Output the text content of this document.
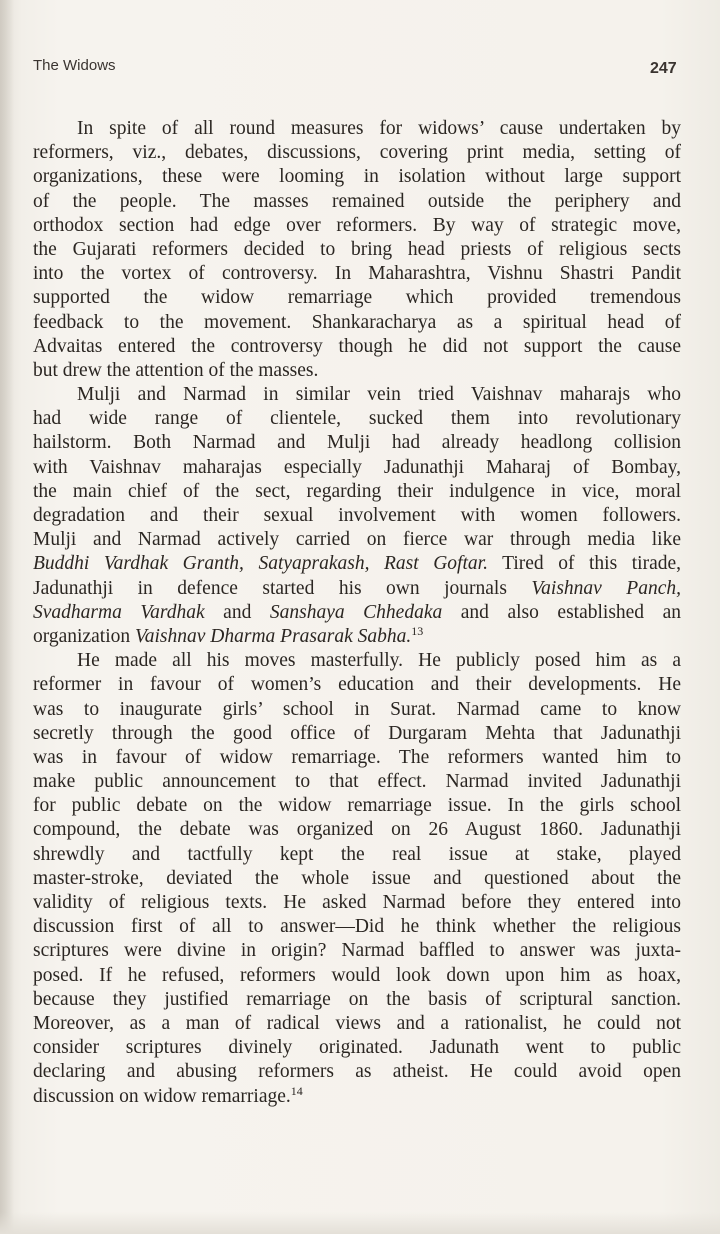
The Widows	247
In spite of all round measures for widows’ cause undertaken by
reformers, viz., debates, discussions, covering print media, setting of
organizations, these were looming in isolation without large support
of the people. The masses remained outside the periphery and
orthodox section had edge over reformers. By way of strategic move,
the Gujarati reformers decided to bring head priests of religious sects
into the vortex of controversy. In Maharashtra, Vishnu Shastri Pandit
supported the widow remarriage which provided tremendous
feedback to the movement. Shankaracharya as a spiritual head of
Advaitas entered the controversy though he did not support the cause
but drew the attention of the masses.
Mulji and Narmad in similar vein tried Vaishnav maharajs who
had wide range of clientele, sucked them into revolutionary
hailstorm. Both Narmad and Mulji had already headlong collision
with Vaishnav maharajas especially Jadunathji Maharaj of Bombay,
the main chief of the sect, regarding their indulgence in vice, moral
degradation and their sexual involvement with women followers.
Mulji and Narmad actively carried on fierce war through media like
Buddhi Vardhak Granth, Satyaprakash, Rast Goftar. Tired of this tirade,
Jadunathji in defence started his own journals Vaishnav Panch,
Svadharma Vardhak and Sanshaya Chhedaka and also established an
organization Vaishnav Dharma Prasarak Sabha.$^{13}$
He made all his moves masterfully. He publicly posed him as a
reformer in favour of women’s education and their developments. He
was to inaugurate girls’ school in Surat. Narmad came to know
secretly through the good office of Durgaram Mehta that Jadunathji
was in favour of widow remarriage. The reformers wanted him to
make public announcement to that effect. Narmad invited Jadunathji
for public debate on the widow remarriage issue. In the girls school
compound, the debate was organized on 26 August 1860. Jadunathji
shrewdly and tactfully kept the real issue at stake, played
master-stroke, deviated the whole issue and questioned about the
validity of religious texts. He asked Narmad before they entered into
discussion first of all to answer—Did he think whether the religious
scriptures were divine in origin? Narmad baffled to answer was juxta-
posed. If he refused, reformers would look down upon him as hoax,
because they justified remarriage on the basis of scriptural sanction.
Moreover, as a man of radical views and a rationalist, he could not
consider scriptures divinely originated. Jadunath went to public
declaring and abusing reformers as atheist. He could avoid open
discussion on widow remarriage.$^{14}$
